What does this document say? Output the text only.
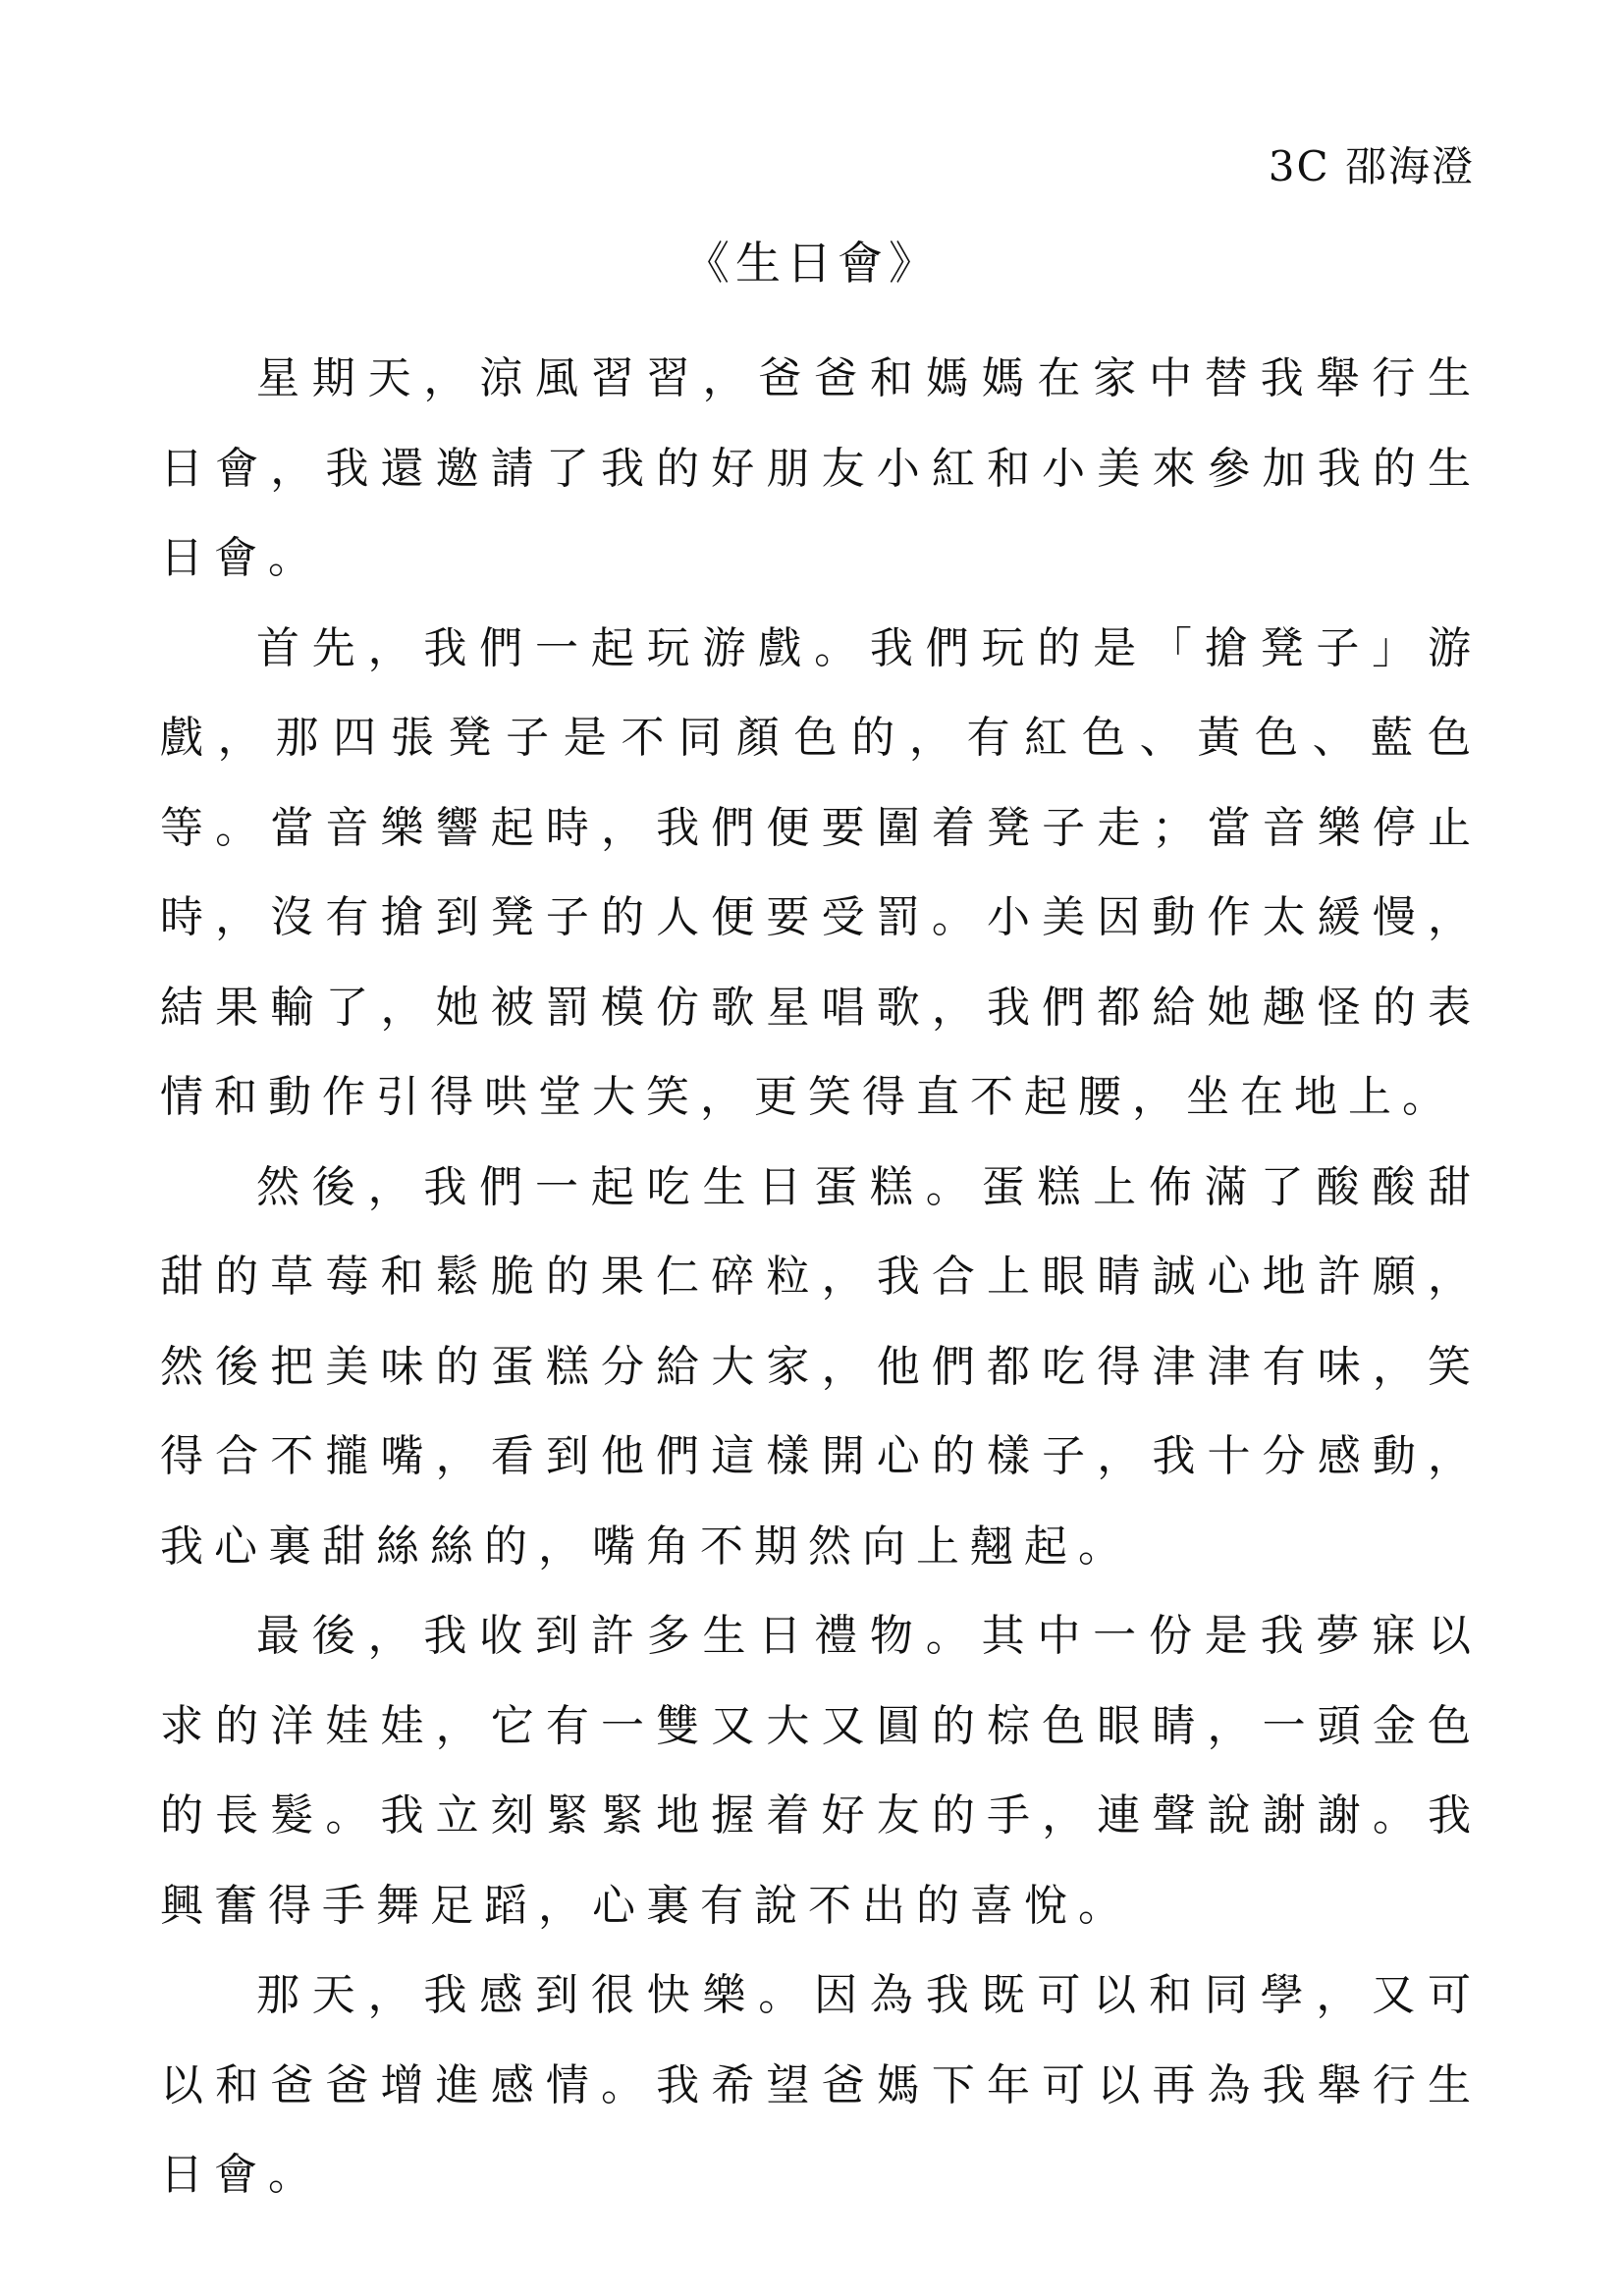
3C 邵海澄
《生日會》

星期天，涼風習習，爸爸和媽媽在家中替我舉行生日會，我還邀請了我的好朋友小紅和小美來參加我的生日會。

首先，我們一起玩游戲。我們玩的是「搶凳子」游戲，那四張凳子是不同顏色的，有紅色、黃色、藍色等。當音樂響起時，我們便要圍着凳子走；當音樂停止時，沒有搶到凳子的人便要受罰。小美因動作太緩慢，結果輸了，她被罰模仿歌星唱歌，我們都給她趣怪的表情和動作引得哄堂大笑，更笑得直不起腰，坐在地上。

然後，我們一起吃生日蛋糕。蛋糕上佈滿了酸酸甜甜的草莓和鬆脆的果仁碎粒，我合上眼睛誠心地許願，然後把美味的蛋糕分給大家，他們都吃得津津有味，笑得合不攏嘴，看到他們這樣開心的樣子，我十分感動，我心裏甜絲絲的，嘴角不期然向上翹起。

最後，我收到許多生日禮物。其中一份是我夢寐以求的洋娃娃，它有一雙又大又圓的棕色眼睛，一頭金色的長髮。我立刻緊緊地握着好友的手，連聲說謝謝。我興奮得手舞足蹈，心裏有說不出的喜悅。

那天，我感到很快樂。因為我既可以和同學，又可以和爸爸增進感情。我希望爸媽下年可以再為我舉行生日會。
